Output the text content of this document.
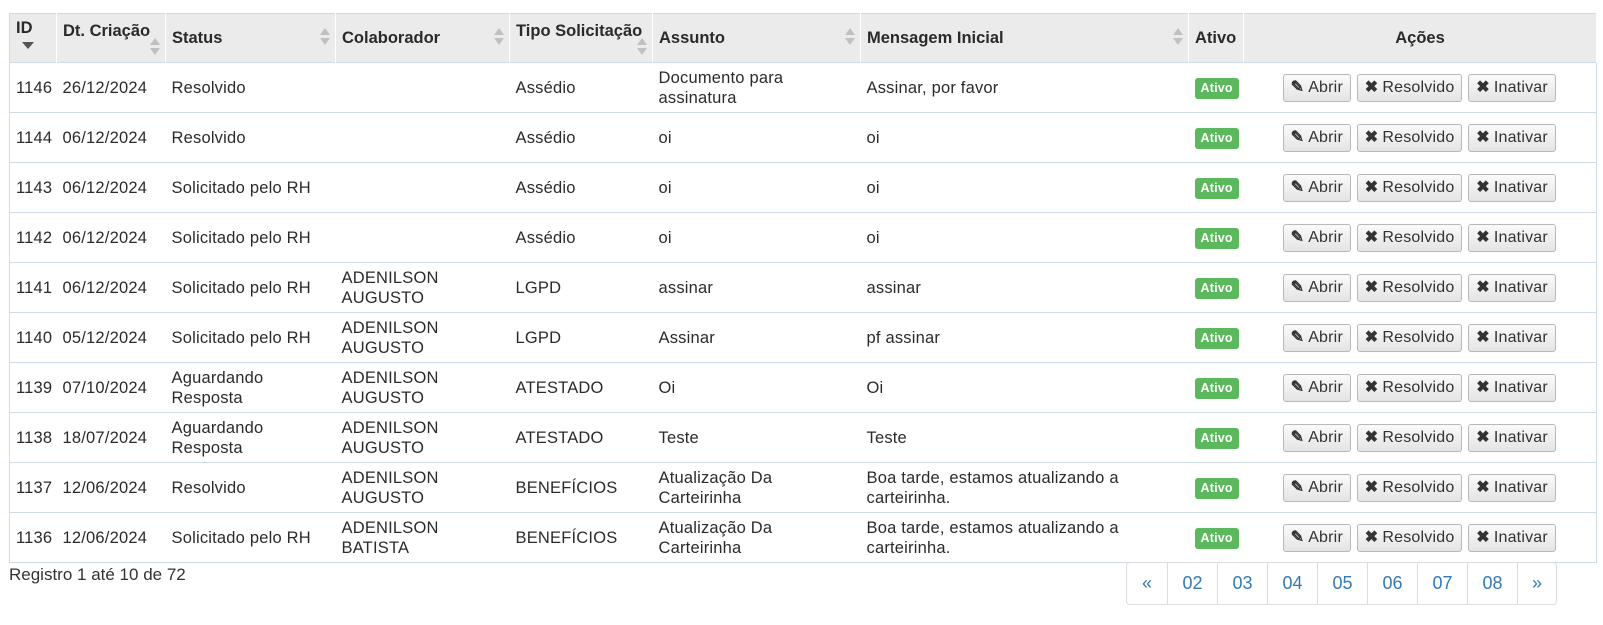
ID	Dt. Criação	Status	Colaborador	Tipo Solicitação	Assunto	Mensagem Inicial	Ativo	Ações
1146	26/12/2024	Resolvido		Assédio	Documento para assinatura	Assinar, por favor	Ativo	✎ Abrir ✖ Resolvido ✖ Inativar
1144	06/12/2024	Resolvido		Assédio	oi	oi	Ativo	✎ Abrir ✖ Resolvido ✖ Inativar
1143	06/12/2024	Solicitado pelo RH		Assédio	oi	oi	Ativo	✎ Abrir ✖ Resolvido ✖ Inativar
1142	06/12/2024	Solicitado pelo RH		Assédio	oi	oi	Ativo	✎ Abrir ✖ Resolvido ✖ Inativar
1141	06/12/2024	Solicitado pelo RH	ADENILSON AUGUSTO	LGPD	assinar	assinar	Ativo	✎ Abrir ✖ Resolvido ✖ Inativar
1140	05/12/2024	Solicitado pelo RH	ADENILSON AUGUSTO	LGPD	Assinar	pf assinar	Ativo	✎ Abrir ✖ Resolvido ✖ Inativar
1139	07/10/2024	Aguardando Resposta	ADENILSON AUGUSTO	ATESTADO	Oi	Oi	Ativo	✎ Abrir ✖ Resolvido ✖ Inativar
1138	18/07/2024	Aguardando Resposta	ADENILSON AUGUSTO	ATESTADO	Teste	Teste	Ativo	✎ Abrir ✖ Resolvido ✖ Inativar
1137	12/06/2024	Resolvido	ADENILSON AUGUSTO	BENEFÍCIOS	Atualização Da Carteirinha	Boa tarde, estamos atualizando a carteirinha.	Ativo	✎ Abrir ✖ Resolvido ✖ Inativar
1136	12/06/2024	Solicitado pelo RH	ADENILSON BATISTA	BENEFÍCIOS	Atualização Da Carteirinha	Boa tarde, estamos atualizando a carteirinha.	Ativo	✎ Abrir ✖ Resolvido ✖ Inativar
Registro 1 até 10 de 72	«	02	03	04	05	06	07	08	»
